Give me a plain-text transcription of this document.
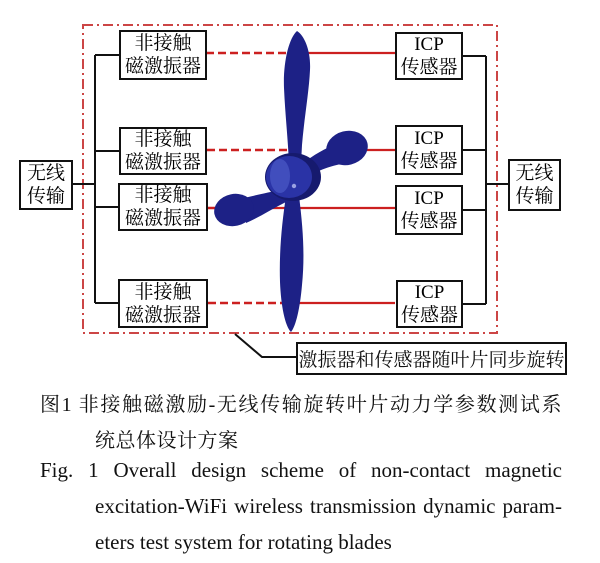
无线
传输
无线
传输
非接触
磁激振器
非接触
磁激振器
非接触
磁激振器
非接触
磁激振器
ICP
传感器
ICP
传感器
ICP
传感器
ICP
传感器
激振器和传感器随叶片同步旋转
图1 非接触磁激励-无线传输旋转叶片动力学参数测试系
统总体设计方案
Fig. 1 Overall design scheme of non-contact magnetic
excitation-WiFi wireless transmission dynamic param-
eters test system for rotating blades
